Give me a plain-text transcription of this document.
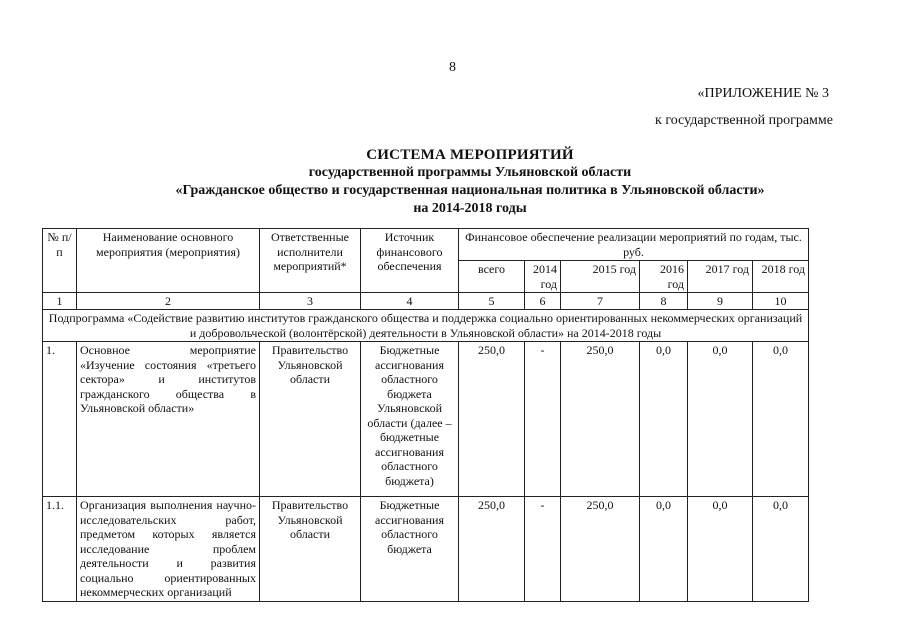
8
«ПРИЛОЖЕНИЕ № 3
к государственной программе
СИСТЕМА МЕРОПРИЯТИЙ
государственной программы Ульяновской области
«Гражданское общество и государственная национальная политика в Ульяновской области»
на 2014-2018 годы
№ п/п	Наименование основного мероприятия (мероприятия)	Ответственные исполнители мероприятий*	Источник финансового обеспечения	Финансовое обеспечение реализации мероприятий по годам, тыс. руб.					
				всего	2014 год	2015 год	2016 год	2017 год	2018 год
1	2	3	4	5	6	7	8	9	10
Подпрограмма «Содействие развитию институтов гражданского общества и поддержка социально ориентированных некоммерческих организаций и добровольческой (волонтёрской) деятельности в Ульяновской области» на 2014-2018 годы									
1.	Основное мероприятие «Изучение состояния «третьего сектора» и институтов гражданского общества в Ульяновской области»	Правительство Ульяновской области	Бюджетные ассигнования областного бюджета Ульяновской области (далее – бюджетные ассигнования областного бюджета)	250,0	-	250,0	0,0	0,0	0,0
1.1.	Организация выполнения научно-исследовательских работ, предметом которых является исследование проблем деятельности и развития социально ориентированных некоммерческих организаций	Правительство Ульяновской области	Бюджетные ассигнования областного бюджета	250,0	-	250,0	0,0	0,0	0,0
